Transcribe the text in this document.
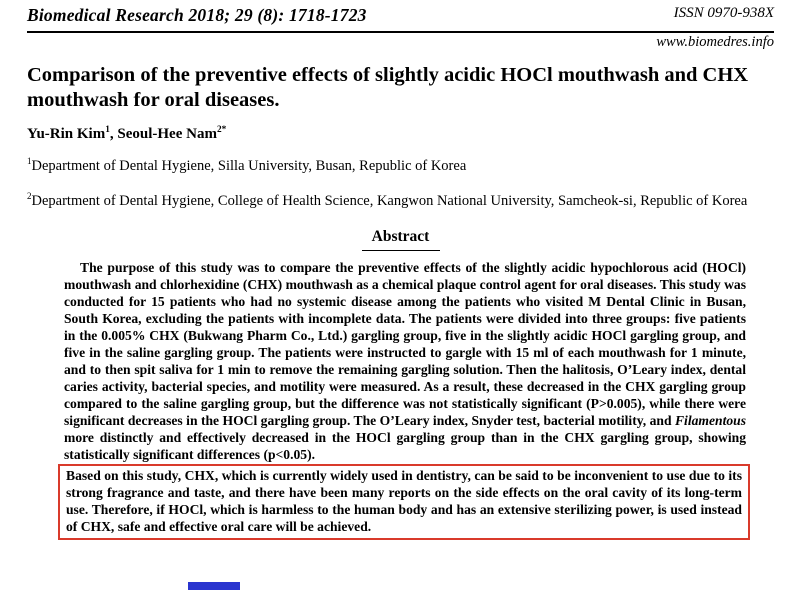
Biomedical Research 2018; 29 (8): 1718-1723	ISSN 0970-938X
www.biomedres.info
Comparison of the preventive effects of slightly acidic HOCl mouthwash and CHX mouthwash for oral diseases.

Yu-Rin Kim$^1$, Seoul-Hee Nam$^{2*}$

$^1$Department of Dental Hygiene, Silla University, Busan, Republic of Korea

$^2$Department of Dental Hygiene, College of Health Science, Kangwon National University, Samcheok-si, Republic of Korea

Abstract

The purpose of this study was to compare the preventive effects of the slightly acidic hypochlorous acid (HOCl) mouthwash and chlorhexidine (CHX) mouthwash as a chemical plaque control agent for oral diseases. This study was conducted for 15 patients who had no systemic disease among the patients who visited M Dental Clinic in Busan, South Korea, excluding the patients with incomplete data. The patients were divided into three groups: five patients in the 0.005% CHX (Bukwang Pharm Co., Ltd.) gargling group, five in the slightly acidic HOCl gargling group, and five in the saline gargling group. The patients were instructed to gargle with 15 ml of each mouthwash for 1 minute, and to then spit saliva for 1 min to remove the remaining gargling solution. Then the halitosis, O’Leary index, dental caries activity, bacterial species, and motility were measured. As a result, these decreased in the CHX gargling group compared to the saline gargling group, but the difference was not statistically significant (P>0.005), while there were significant decreases in the HOCl gargling group. The O’Leary index, Snyder test, bacterial motility, and Filamentous more distinctly and effectively decreased in the HOCl gargling group than in the CHX gargling group, showing statistically significant differences (p<0.05).

Based on this study, CHX, which is currently widely used in dentistry, can be said to be inconvenient to use due to its strong fragrance and taste, and there have been many reports on the side effects on the oral cavity of its long-term use. Therefore, if HOCl, which is harmless to the human body and has an extensive sterilizing power, is used instead of CHX, safe and effective oral care will be achieved.
